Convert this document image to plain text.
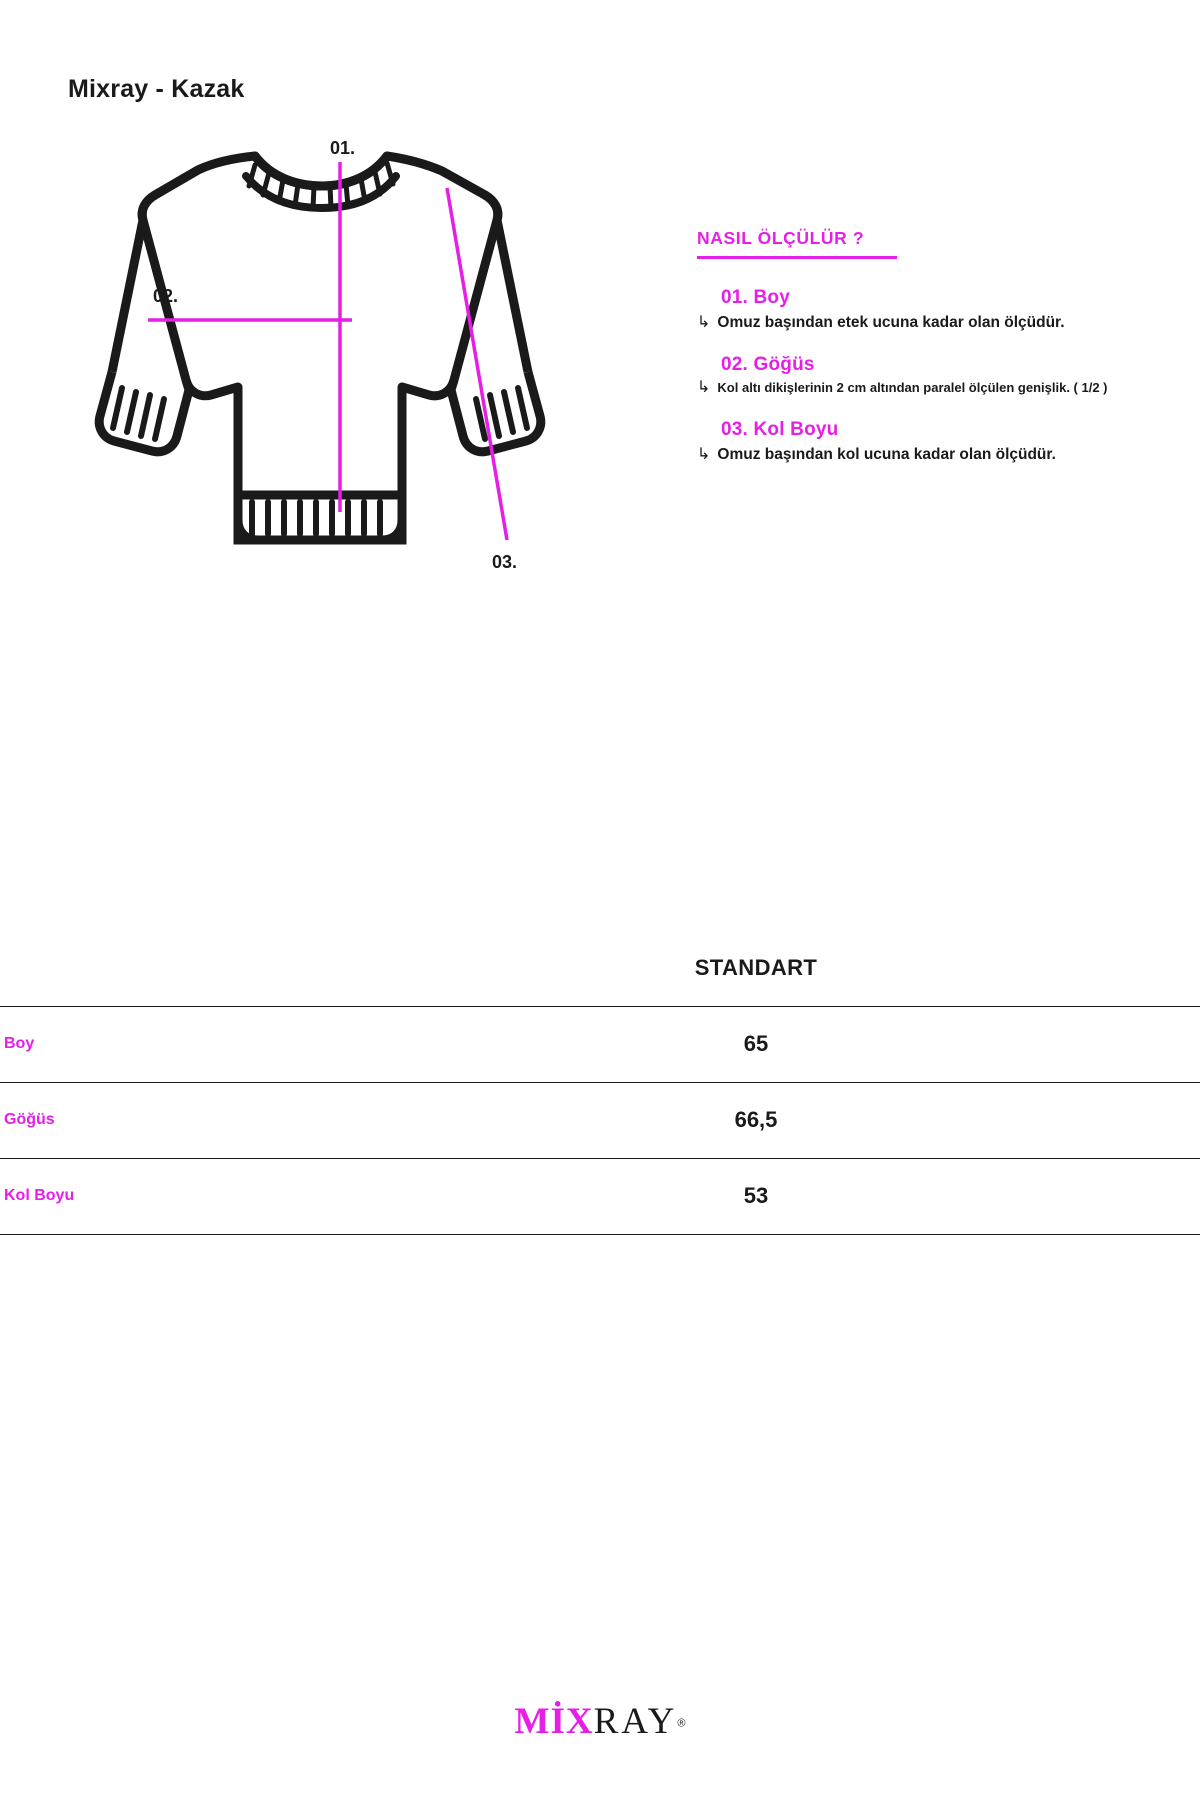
Mixray - Kazak
01.
02.
03.
NASIL ÖLÇÜLÜR ?
01. Boy
↳ Omuz başından etek ucuna kadar olan ölçüdür.
02. Göğüs
↳ Kol altı dikişlerinin 2 cm altından paralel ölçülen genişlik. ( 1/2 )
03. Kol Boyu
↳ Omuz başından kol ucuna kadar olan ölçüdür.
	STANDART
Boy	65
Göğüs	66,5
Kol Boyu	53
MİXRAY®
